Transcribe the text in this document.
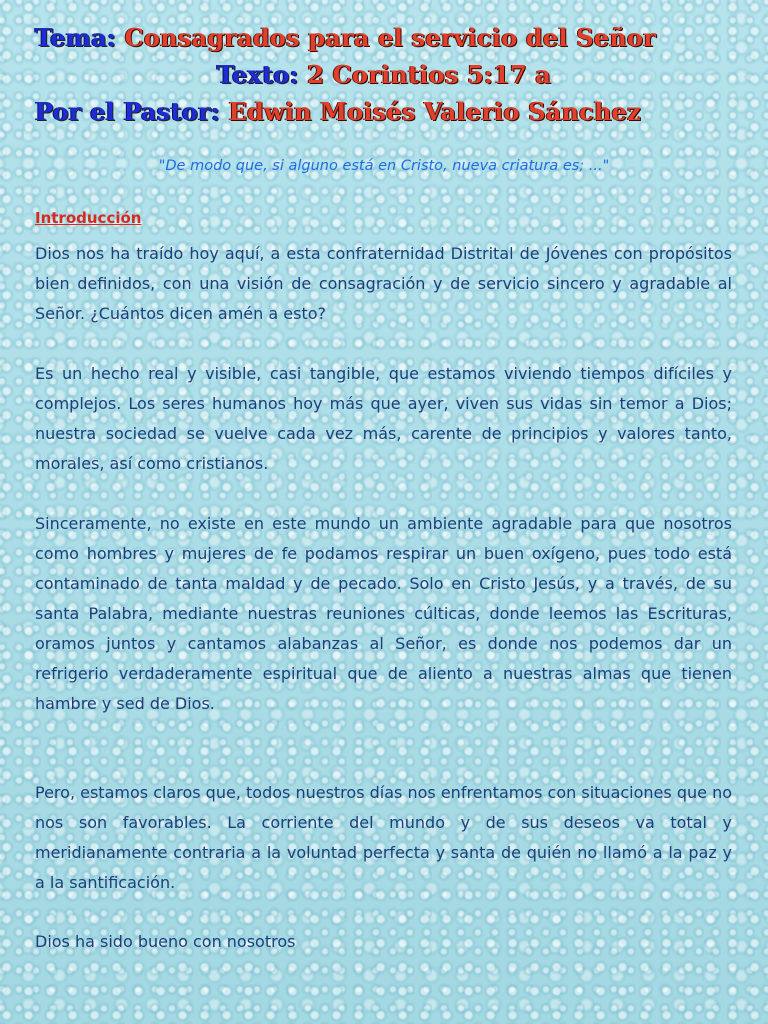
Tema: Consagrados para el servicio del Señor
Texto: 2 Corintios 5:17 a
Por el Pastor: Edwin Moisés Valerio Sánchez
"De modo que, si alguno está en Cristo, nueva criatura es; ..."
Introducción

Dios nos ha traído hoy aquí, a esta confraternidad Distrital de Jóvenes con propósitos bien definidos, con una visión de consagración y de servicio sincero y agradable al Señor. ¿Cuántos dicen amén a esto?

Es un hecho real y visible, casi tangible, que estamos viviendo tiempos difíciles y complejos. Los seres humanos hoy más que ayer, viven sus vidas sin temor a Dios; nuestra sociedad se vuelve cada vez más, carente de principios y valores tanto, morales, así como cristianos.

Sinceramente, no existe en este mundo un ambiente agradable para que nosotros como hombres y mujeres de fe podamos respirar un buen oxígeno, pues todo está contaminado de tanta maldad y de pecado. Solo en Cristo Jesús, y a través, de su santa Palabra, mediante nuestras reuniones cúlticas, donde leemos las Escrituras, oramos juntos y cantamos alabanzas al Señor, es donde nos podemos dar un refrigerio verdaderamente espiritual que de aliento a nuestras almas que tienen hambre y sed de Dios.

Pero, estamos claros que, todos nuestros días nos enfrentamos con situaciones que no nos son favorables. La corriente del mundo y de sus deseos va total y meridianamente contraria a la voluntad perfecta y santa de quién no llamó a la paz y a la santificación.

Dios ha sido bueno con nosotros
